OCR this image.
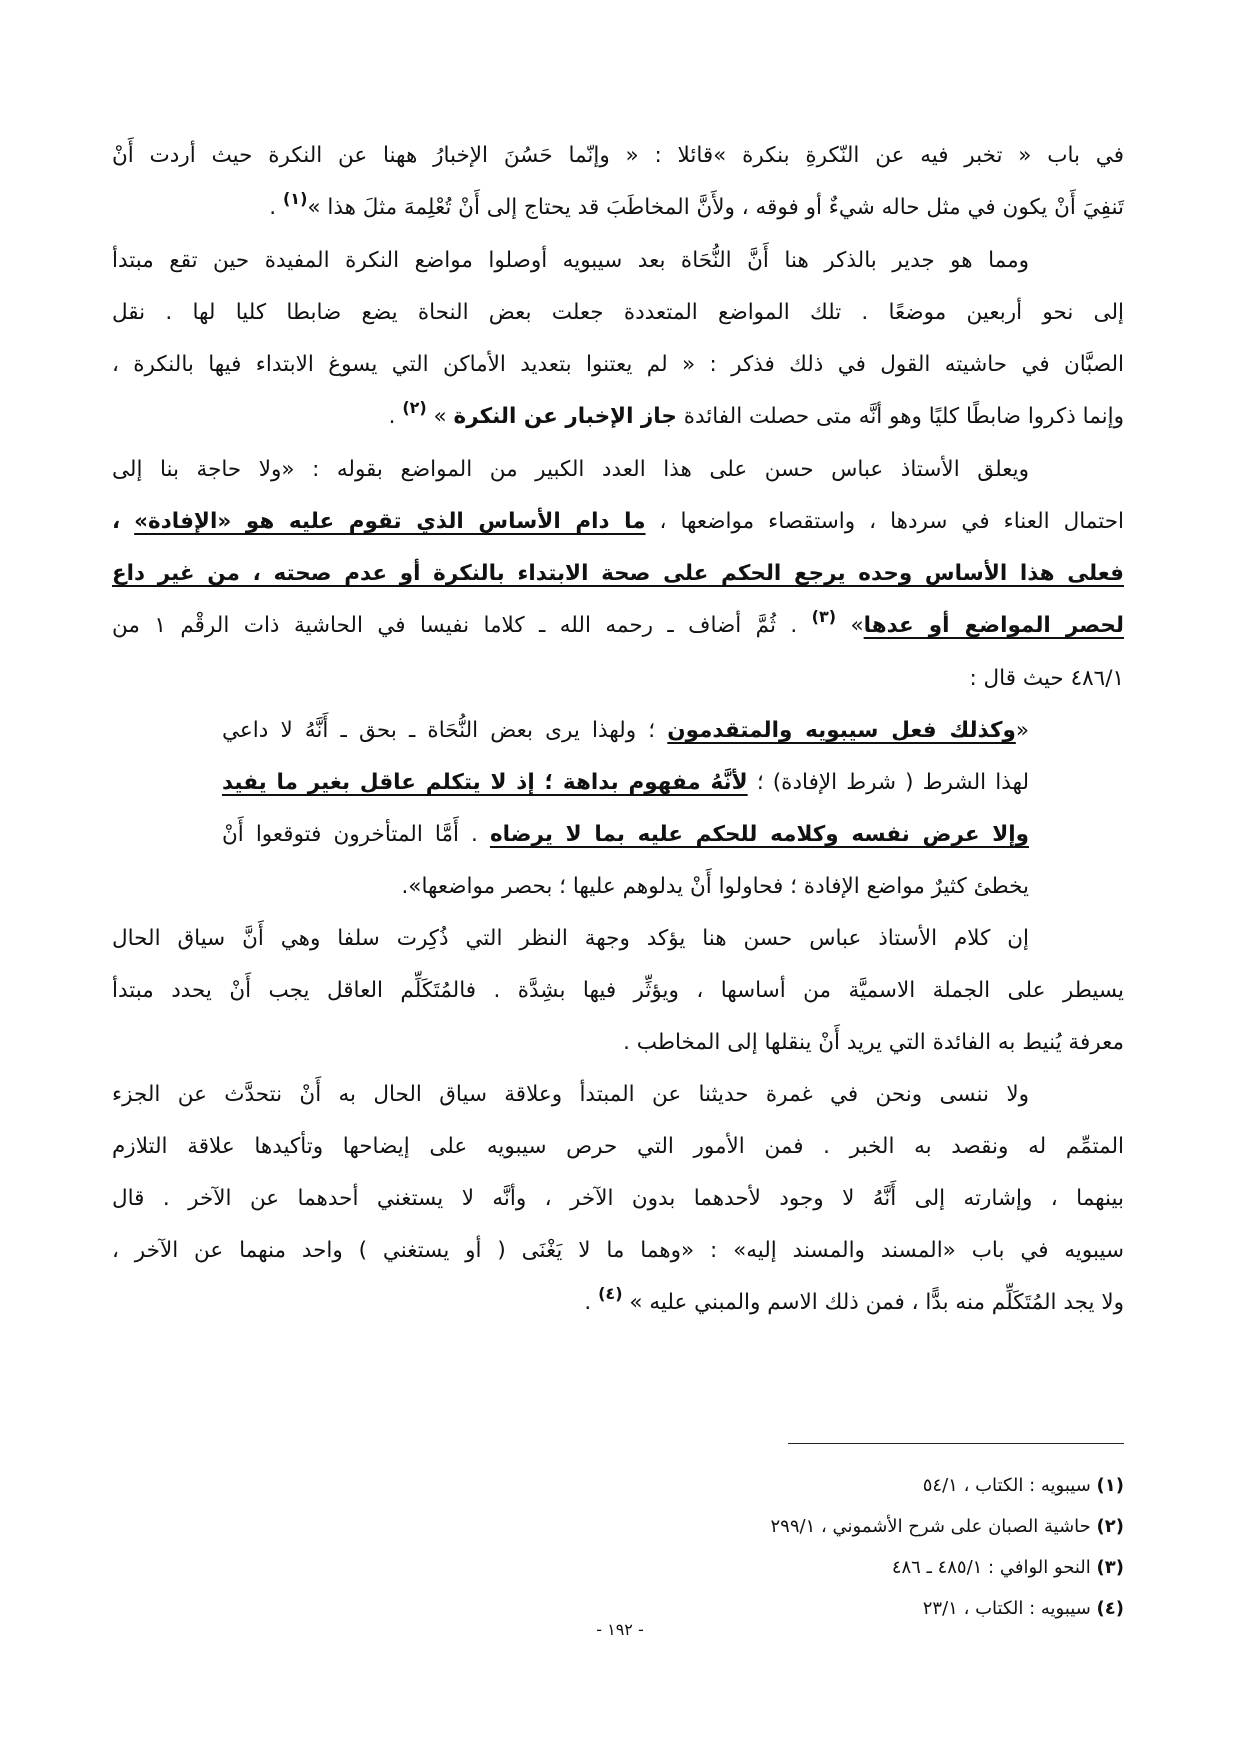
في باب « تخبر فيه عن النّكرةِ بنكرة »قائلا : « وإنّما حَسُنَ الإخبارُ ههنا عن النكرة حيث أردت أَنْ
تَنفِيَ أَنْ يكون في مثل حاله شيءٌ أو فوقه ، ولأَنَّ المخاطَبَ قد يحتاج إلى أَنْ تُعْلِمهَ مثلَ هذا »$^{(١)}$ .
ومما هو جدير بالذكر هنا أَنَّ النُّحَاة بعد سيبويه أوصلوا مواضع النكرة المفيدة حين تقع مبتدأ
إلى نحو أربعين موضعًا . تلك المواضع المتعددة جعلت بعض النحاة يضع ضابطا كليا لها . نقل
الصبَّان في حاشيته القول في ذلك فذكر : « لم يعتنوا بتعديد الأماكن التي يسوغ الابتداء فيها بالنكرة ،
وإنما ذكروا ضابطًا كليًا وهو أنَّه متى حصلت الفائدة جاز الإخبار عن النكرة » $^{(٢)}$ .
ويعلق الأستاذ عباس حسن على هذا العدد الكبير من المواضع بقوله : «ولا حاجة بنا إلى
احتمال العناء في سردها ، واستقصاء مواضعها ، ما دام الأساس الذي تقوم عليه هو «الإفادة» ،
فعلى هذا الأساس وحده يرجع الحكم على صحة الابتداء بالنكرة أو عدم صحته ، من غير داع
لحصر المواضع أو عدها» $^{(٣)}$ . ثُمَّ أضاف ـ رحمه الله ـ كلاما نفيسا في الحاشية ذات الرقْم ١ من
٤٨٦/١ حيث قال :
«وكذلك فعل سيبويه والمتقدمون ؛ ولهذا يرى بعض النُّحَاة ـ بحق ـ أَنَّهُ لا داعي
لهذا الشرط ( شرط الإفادة) ؛ لأنَّهُ مفهوم بداهة ؛ إذ لا يتكلم عاقل بغير ما يفيد
وإلا عرض نفسه وكلامه للحكم عليه بما لا يرضاه . أَمَّا المتأخرون فتوقعوا أَنْ
يخطئ كثيرٌ مواضع الإفادة ؛ فحاولوا أَنْ يدلوهم عليها ؛ بحصر مواضعها».
إن كلام الأستاذ عباس حسن هنا يؤكد وجهة النظر التي ذُكِرت سلفا وهي أَنَّ سياق الحال
يسيطر على الجملة الاسميَّة من أساسها ، ويؤثِّر فيها بشِدَّة . فالمُتَكَلِّم العاقل يجب أَنْ يحدد مبتدأ
معرفة يُنيط به الفائدة التي يريد أَنْ ينقلها إلى المخاطب .
ولا ننسى ونحن في غمرة حديثنا عن المبتدأ وعلاقة سياق الحال به أَنْ نتحدَّث عن الجزء
المتمِّم له ونقصد به الخبر . فمن الأمور التي حرص سيبويه على إيضاحها وتأكيدها علاقة التلازم
بينهما ، وإشارته إلى أَنَّهُ لا وجود لأحدهما بدون الآخر ، وأنَّه لا يستغني أحدهما عن الآخر . قال
سيبويه في باب «المسند والمسند إليه» : «وهما ما لا يَغْنَى ( أو يستغني ) واحد منهما عن الآخر ،
ولا يجد المُتَكَلِّم منه بدًّا ، فمن ذلك الاسم والمبني عليه » $^{(٤)}$ .
(١) سيبويه : الكتاب ، ٥٤/١
(٢) حاشية الصبان على شرح الأشموني ، ٢٩٩/١
(٣) النحو الوافي : ٤٨٥/١ ـ ٤٨٦
(٤) سيبويه : الكتاب ، ٢٣/١
- ١٩٢ -
